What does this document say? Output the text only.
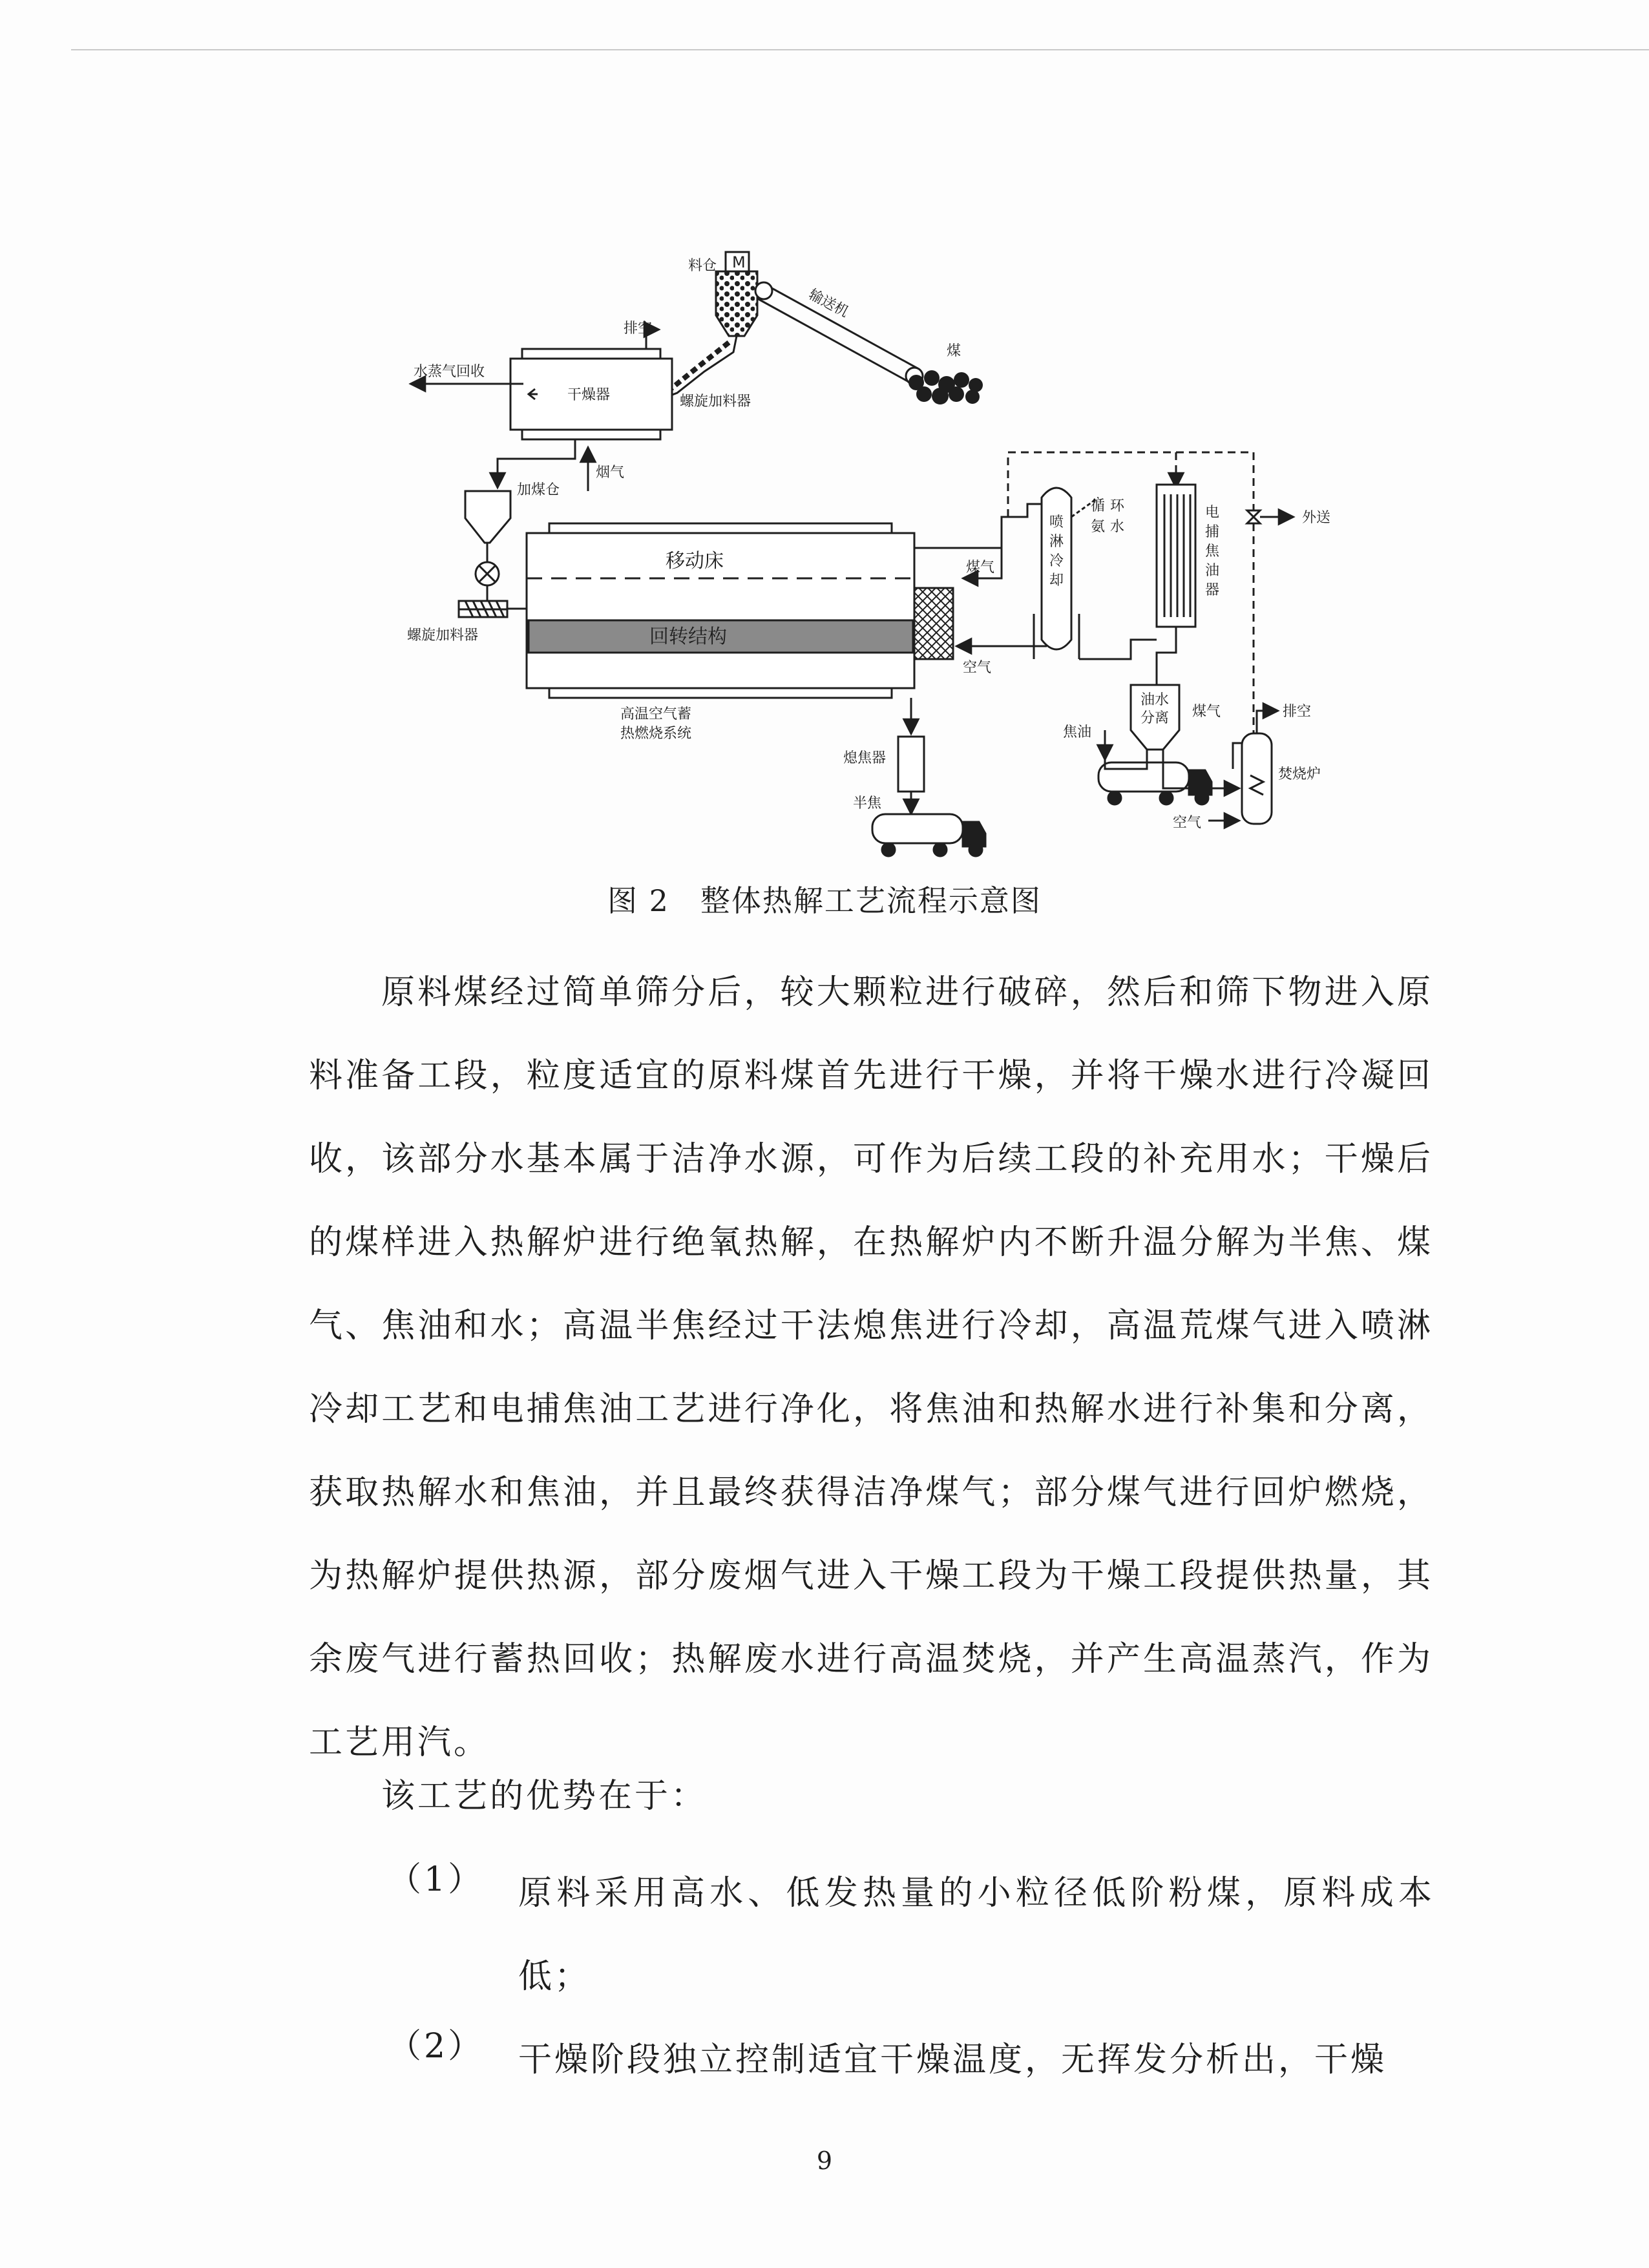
料仓 M
输送机
煤
排空
水蒸气回收
干燥器	螺旋加料器
烟气
加煤仓
移动床
回转结构
螺旋加料器
高温空气蓄
热燃烧系统
煤气
空气
熄焦器
半焦
喷
淋
冷
却
循 环
氨 水
电
捕
焦
油
器
外送
油水
分离
焦油
煤气	排空
焚烧炉
空气
图 2　整体热解工艺流程示意图

原料煤经过简单筛分后，较大颗粒进行破碎，然后和筛下物进入原料准备工段，粒度适宜的原料煤首先进行干燥，并将干燥水进行冷凝回收，该部分水基本属于洁净水源，可作为后续工段的补充用水；干燥后的煤样进入热解炉进行绝氧热解，在热解炉内不断升温分解为半焦、煤气、焦油和水；高温半焦经过干法熄焦进行冷却，高温荒煤气进入喷淋冷却工艺和电捕焦油工艺进行净化，将焦油和热解水进行补集和分离，获取热解水和焦油，并且最终获得洁净煤气；部分煤气进行回炉燃烧，为热解炉提供热源，部分废烟气进入干燥工段为干燥工段提供热量，其余废气进行蓄热回收；热解废水进行高温焚烧，并产生高温蒸汽，作为工艺用汽。

该工艺的优势在于：

（1） 原料采用高水、低发热量的小粒径低阶粉煤，原料成本低；
（2） 干燥阶段独立控制适宜干燥温度，无挥发分析出，干燥
9
